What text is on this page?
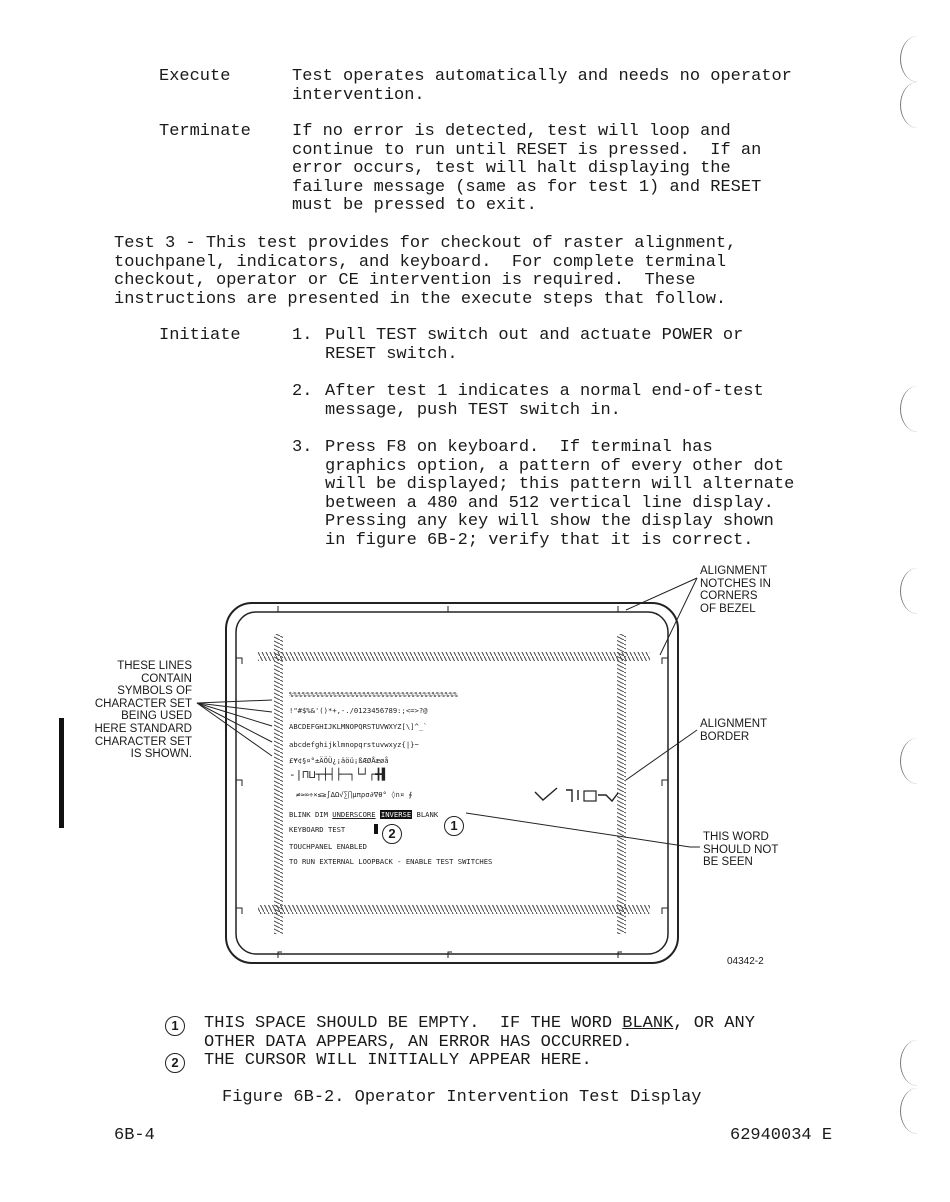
Execute	Test operates automatically and needs no operator
intervention.
Terminate If no error is detected, test will loop and
continue to run until RESET is pressed.  If an
error occurs, test will halt displaying the
failure message (same as for test 1) and RESET
must be pressed to exit.
Test 3 - This test provides for checkout of raster alignment,
touchpanel, indicators, and keyboard.  For complete terminal
checkout, operator or CE intervention is required.  These
instructions are presented in the execute steps that follow.
Initiate	1. Pull TEST switch out and actuate POWER or
RESET switch.
2. After test 1 indicates a normal end-of-test
message, push TEST switch in.
3. Press F8 on keyboard.  If terminal has
graphics option, a pattern of every other dot
will be displayed; this pattern will alternate
between a 480 and 512 vertical line display.
Pressing any key will show the display shown
in figure 6B-2; verify that it is correct.
ALIGNMENT
NOTCHES IN
CORNERS
OF BEZEL
THESE LINES
CONTAIN
SYMBOLS OF
CHARACTER SET
BEING USED
HERE STANDARD
CHARACTER SET
IS SHOWN.
ALIGNMENT
BORDER
THIS WORD
SHOULD NOT
BE SEEN
%%%%%%%%%%%%%%%%%%%%%%%%%%%%%%%%%%%%%%%
!"#$%&'()*+,-./0123456789:;<=>?@
ABCDEFGHIJKLMNOPQRSTUVWXYZ[\]^_`
abcdefghijklmnopqrstuvwxyz{|}~
£¥¢§¤°±ÄÖÜ¿¡äöü¡ßÆØÅæøå
-|⊓⊔┬┼┤├─┐└┘┌╋▌
≠≈∞÷×≤≥∫∆Ω√∑∏µπρσ∂∇θ° ◊∩¤ ∮
BLINK DIM UNDERSCORE INVERSE BLANK
KEYBOARD TEST	2
1
TOUCHPANEL ENABLED
TO RUN EXTERNAL LOOPBACK - ENABLE TEST SWITCHES
04342-2
1	THIS SPACE SHOULD BE EMPTY.  IF THE WORD BLANK, OR ANY
OTHER DATA APPEARS, AN ERROR HAS OCCURRED.
2	THE CURSOR WILL INITIALLY APPEAR HERE.
Figure 6B-2. Operator Intervention Test Display
6B-4	62940034 E
